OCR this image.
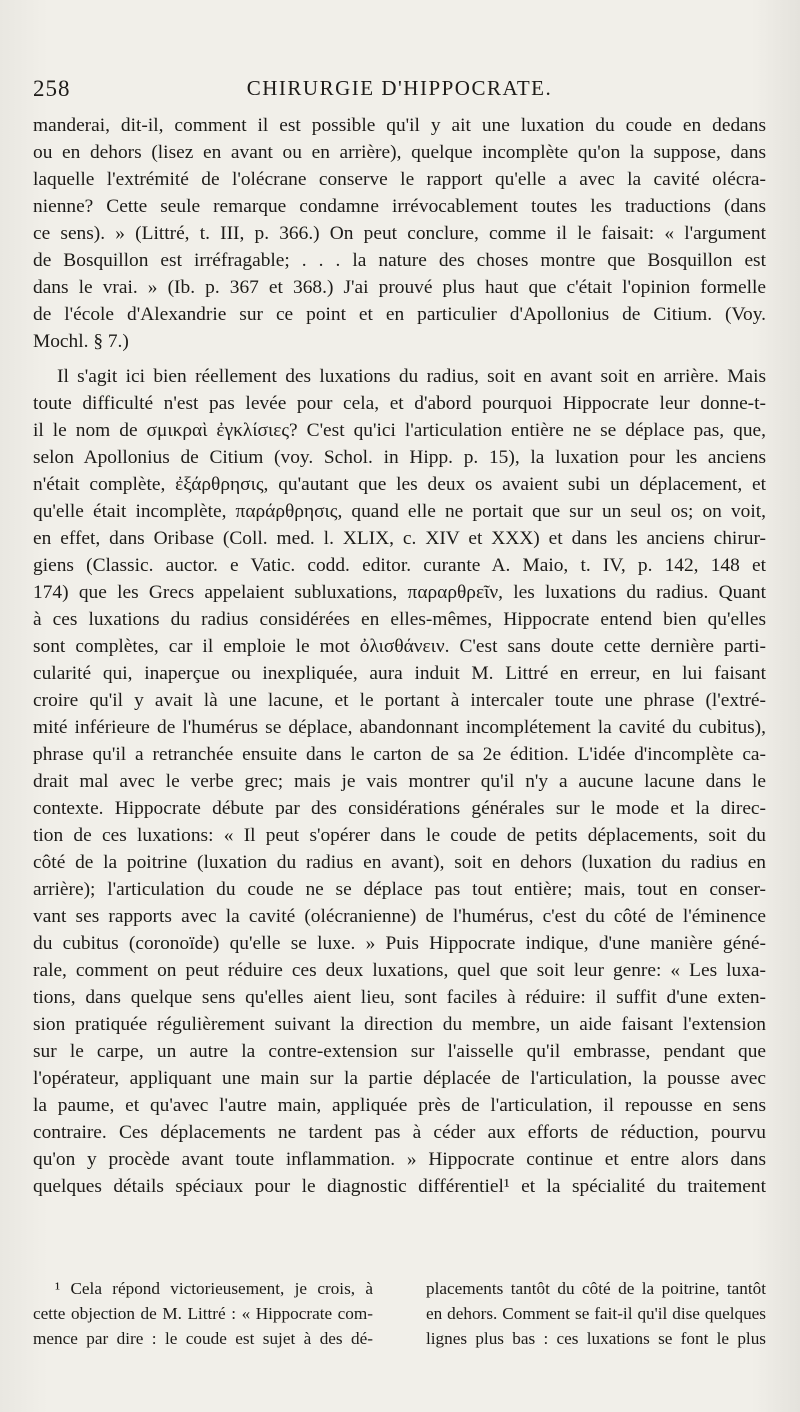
258	CHIRURGIE D'HIPPOCRATE.

manderai, dit-il, comment il est possible qu'il y ait une luxation du coude en dedans
ou en dehors (lisez en avant ou en arrière), quelque incomplète qu'on la suppose, dans
laquelle l'extrémité de l'olécrane conserve le rapport qu'elle a avec la cavité olécra-
nienne? Cette seule remarque condamne irrévocablement toutes les traductions (dans
ce sens). » (Littré, t. III, p. 366.) On peut conclure, comme il le faisait: « l'argument
de Bosquillon est irréfragable; . . . la nature des choses montre que Bosquillon est
dans le vrai. » (Ib. p. 367 et 368.) J'ai prouvé plus haut que c'était l'opinion formelle
de l'école d'Alexandrie sur ce point et en particulier d'Apollonius de Citium. (Voy.
Mochl. § 7.)

Il s'agit ici bien réellement des luxations du radius, soit en avant soit en arrière. Mais
toute difficulté n'est pas levée pour cela, et d'abord pourquoi Hippocrate leur donne-t-
il le nom de σμικραὶ ἐγκλίσιες? C'est qu'ici l'articulation entière ne se déplace pas, que,
selon Apollonius de Citium (voy. Schol. in Hipp. p. 15), la luxation pour les anciens
n'était complète, ἐξάρθρησις, qu'autant que les deux os avaient subi un déplacement, et
qu'elle était incomplète, παράρθρησις, quand elle ne portait que sur un seul os; on voit,
en effet, dans Oribase (Coll. med. l. XLIX, c. XIV et XXX) et dans les anciens chirur-
giens (Classic. auctor. e Vatic. codd. editor. curante A. Maio, t. IV, p. 142, 148 et
174) que les Grecs appelaient subluxations, παραρθρεῖν, les luxations du radius. Quant
à ces luxations du radius considérées en elles-mêmes, Hippocrate entend bien qu'elles
sont complètes, car il emploie le mot ὀλισθάνειν. C'est sans doute cette dernière parti-
cularité qui, inaperçue ou inexpliquée, aura induit M. Littré en erreur, en lui faisant
croire qu'il y avait là une lacune, et le portant à intercaler toute une phrase (l'extré-
mité inférieure de l'humérus se déplace, abandonnant incomplétement la cavité du cubitus),
phrase qu'il a retranchée ensuite dans le carton de sa 2e édition. L'idée d'incomplète ca-
drait mal avec le verbe grec; mais je vais montrer qu'il n'y a aucune lacune dans le
contexte. Hippocrate débute par des considérations générales sur le mode et la direc-
tion de ces luxations: « Il peut s'opérer dans le coude de petits déplacements, soit du
côté de la poitrine (luxation du radius en avant), soit en dehors (luxation du radius en
arrière); l'articulation du coude ne se déplace pas tout entière; mais, tout en conser-
vant ses rapports avec la cavité (olécranienne) de l'humérus, c'est du côté de l'éminence
du cubitus (coronoïde) qu'elle se luxe. » Puis Hippocrate indique, d'une manière géné-
rale, comment on peut réduire ces deux luxations, quel que soit leur genre: « Les luxa-
tions, dans quelque sens qu'elles aient lieu, sont faciles à réduire: il suffit d'une exten-
sion pratiquée régulièrement suivant la direction du membre, un aide faisant l'extension
sur le carpe, un autre la contre-extension sur l'aisselle qu'il embrasse, pendant que
l'opérateur, appliquant une main sur la partie déplacée de l'articulation, la pousse avec
la paume, et qu'avec l'autre main, appliquée près de l'articulation, il repousse en sens
contraire. Ces déplacements ne tardent pas à céder aux efforts de réduction, pourvu
qu'on y procède avant toute inflammation. » Hippocrate continue et entre alors dans
quelques détails spéciaux pour le diagnostic différentiel¹ et la spécialité du traitement

¹ Cela répond victorieusement, je crois, à
cette objection de M. Littré : « Hippocrate com-
mence par dire : le coude est sujet à des dé-
placements tantôt du côté de la poitrine, tantôt
en dehors. Comment se fait-il qu'il dise quelques
lignes plus bas : ces luxations se font le plus
